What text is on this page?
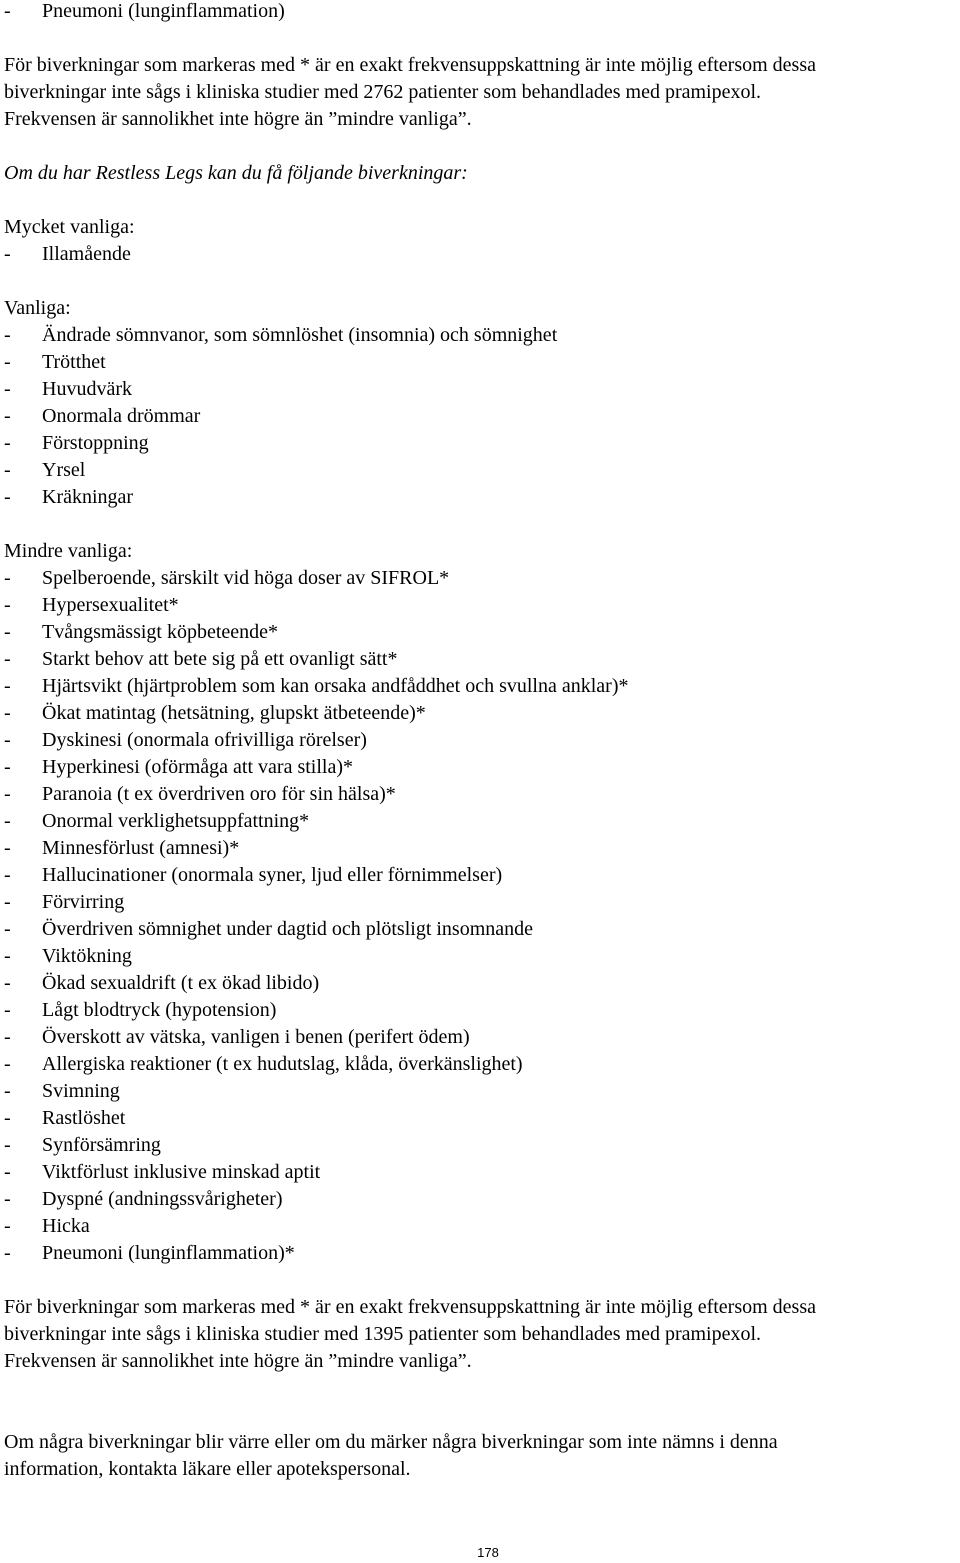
- Pneumoni (lunginflammation)

För biverkningar som markeras med * är en exakt frekvensuppskattning är inte möjlig eftersom dessa

biverkningar inte sågs i kliniska studier med 2762 patienter som behandlades med pramipexol.

Frekvensen är sannolikhet inte högre än ”mindre vanliga”.

Om du har Restless Legs kan du få följande biverkningar:

Mycket vanliga:

- Illamående

Vanliga:

- Ändrade sömnvanor, som sömnlöshet (insomnia) och sömnighet
- Trötthet
- Huvudvärk
- Onormala drömmar
- Förstoppning
- Yrsel
- Kräkningar

Mindre vanliga:

- Spelberoende, särskilt vid höga doser av SIFROL*
- Hypersexualitet*
- Tvångsmässigt köpbeteende*
- Starkt behov att bete sig på ett ovanligt sätt*
- Hjärtsvikt (hjärtproblem som kan orsaka andfåddhet och svullna anklar)*
- Ökat matintag (hetsätning, glupskt ätbeteende)*
- Dyskinesi (onormala ofrivilliga rörelser)
- Hyperkinesi (oförmåga att vara stilla)*
- Paranoia (t ex överdriven oro för sin hälsa)*
- Onormal verklighetsuppfattning*
- Minnesförlust (amnesi)*
- Hallucinationer (onormala syner, ljud eller förnimmelser)
- Förvirring
- Överdriven sömnighet under dagtid och plötsligt insomnande
- Viktökning
- Ökad sexualdrift (t ex ökad libido)
- Lågt blodtryck (hypotension)
- Överskott av vätska, vanligen i benen (perifert ödem)
- Allergiska reaktioner (t ex hudutslag, klåda, överkänslighet)
- Svimning
- Rastlöshet
- Synförsämring
- Viktförlust inklusive minskad aptit
- Dyspné (andningssvårigheter)
- Hicka
- Pneumoni (lunginflammation)*

För biverkningar som markeras med * är en exakt frekvensuppskattning är inte möjlig eftersom dessa

biverkningar inte sågs i kliniska studier med 1395 patienter som behandlades med pramipexol.

Frekvensen är sannolikhet inte högre än ”mindre vanliga”.

Om några biverkningar blir värre eller om du märker några biverkningar som inte nämns i denna

information, kontakta läkare eller apotekspersonal.

178
